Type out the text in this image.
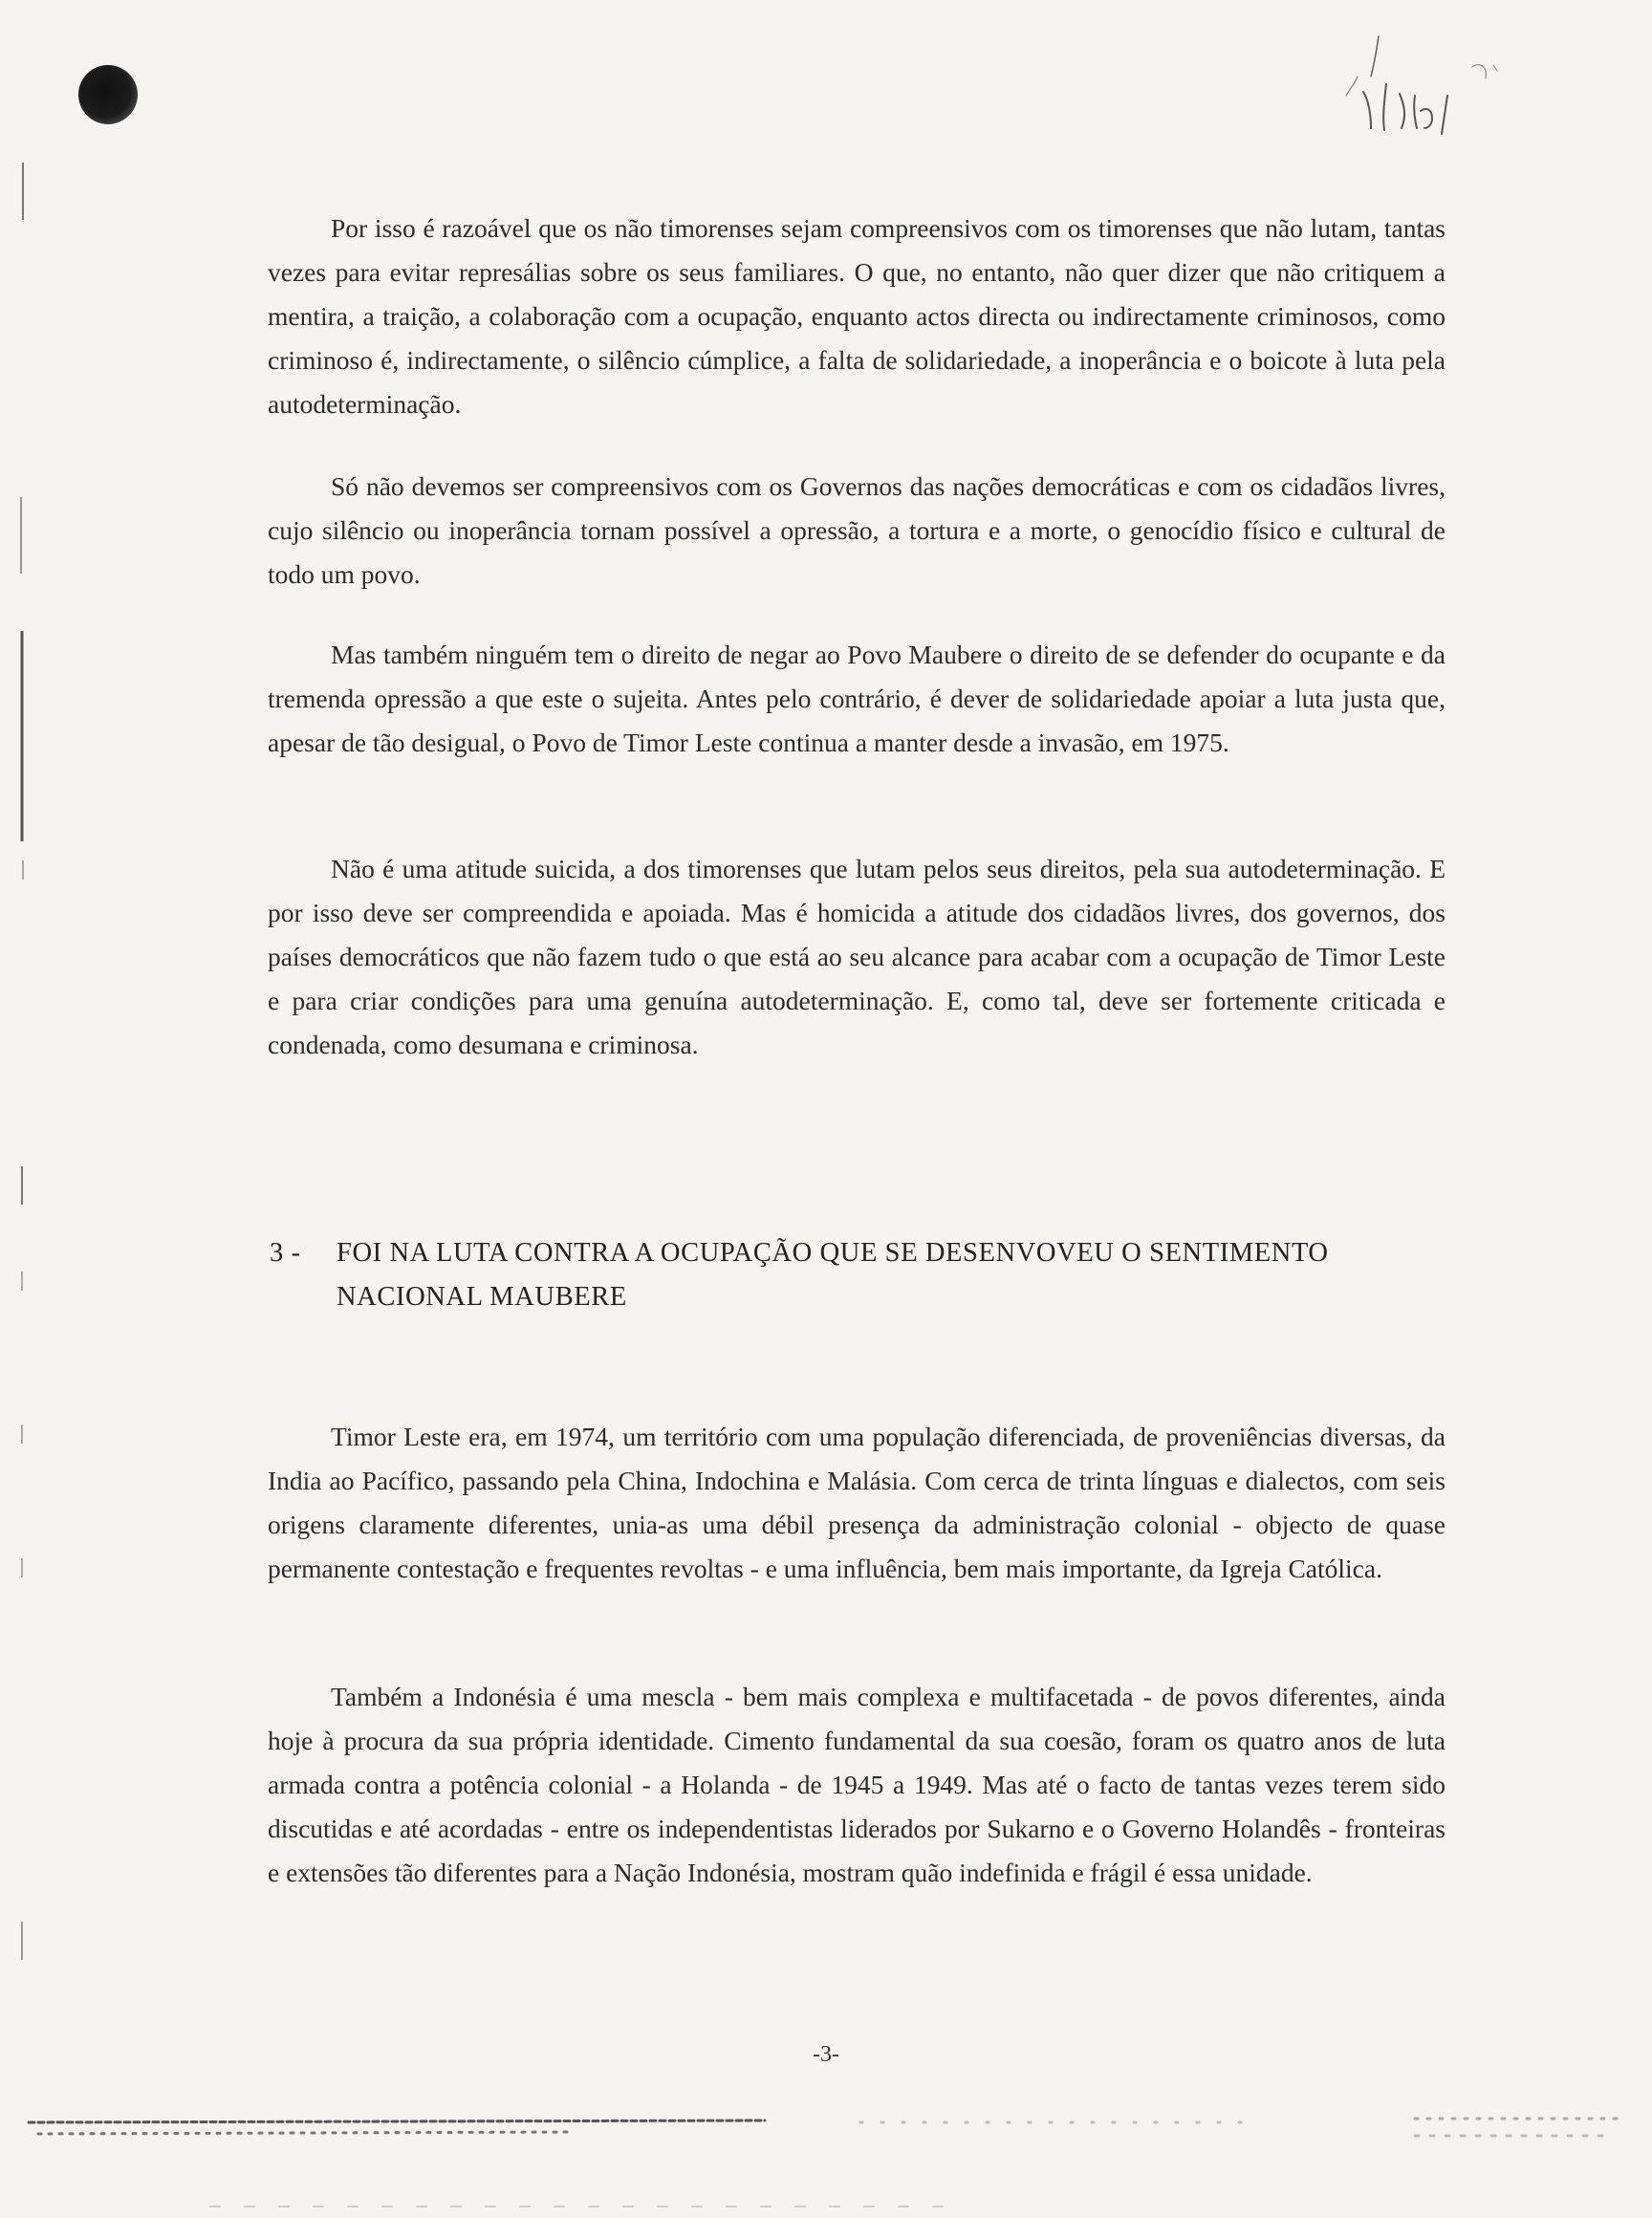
Por isso é razoável que os não timorenses sejam compreensivos com os timorenses que não lutam, tantas vezes para evitar represálias sobre os seus familiares. O que, no entanto, não quer dizer que não critiquem a mentira, a traição, a colaboração com a ocupação, enquanto actos directa ou indirectamente criminosos, como criminoso é, indirectamente, o silêncio cúmplice, a falta de solidariedade, a inoperância e o boicote à luta pela autodeterminação.

Só não devemos ser compreensivos com os Governos das nações democráticas e com os cidadãos livres, cujo silêncio ou inoperância tornam possível a opressão, a tortura e a morte, o genocídio físico e cultural de todo um povo.

Mas também ninguém tem o direito de negar ao Povo Maubere o direito de se defender do ocupante e da tremenda opressão a que este o sujeita. Antes pelo contrário, é dever de solidariedade apoiar a luta justa que, apesar de tão desigual, o Povo de Timor Leste continua a manter desde a invasão, em 1975.

Não é uma atitude suicida, a dos timorenses que lutam pelos seus direitos, pela sua autodeterminação. E por isso deve ser compreendida e apoiada. Mas é homicida a atitude dos cidadãos livres, dos governos, dos países democráticos que não fazem tudo o que está ao seu alcance para acabar com a ocupação de Timor Leste e para criar condições para uma genuína autodeterminação. E, como tal, deve ser fortemente criticada e condenada, como desumana e criminosa.

3 -	FOI NA LUTA CONTRA A OCUPAÇÃO QUE SE DESENVOVEU O SENTIMENTO NACIONAL MAUBERE

Timor Leste era, em 1974, um território com uma população diferenciada, de proveniências diversas, da India ao Pacífico, passando pela China, Indochina e Malásia. Com cerca de trinta línguas e dialectos, com seis origens claramente diferentes, unia-as uma débil presença da administração colonial - objecto de quase permanente contestação e frequentes revoltas - e uma influência, bem mais importante, da Igreja Católica.

Também a Indonésia é uma mescla - bem mais complexa e multifacetada - de povos diferentes, ainda hoje à procura da sua própria identidade. Cimento fundamental da sua coesão, foram os quatro anos de luta armada contra a potência colonial - a Holanda - de 1945 a 1949. Mas até o facto de tantas vezes terem sido discutidas e até acordadas - entre os independentistas liderados por Sukarno e o Governo Holandês - fronteiras e extensões tão diferentes para a Nação Indonésia, mostram quão indefinida e frágil é essa unidade.

-3-
